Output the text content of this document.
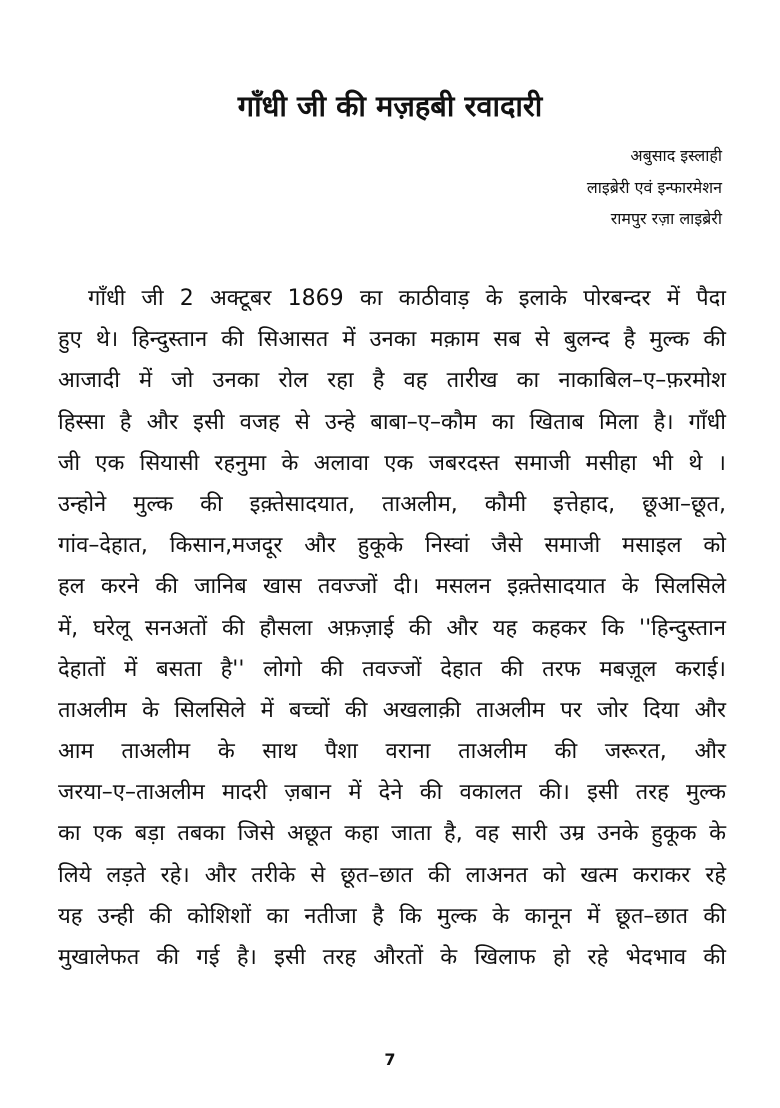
गाँधी जी की मज़हबी रवादारी
अबुसाद इस्लाही
लाइब्रेरी एवं इन्फारमेशन
रामपुर रज़ा लाइब्रेरी
गाँधी जी 2 अक्टूबर 1869 का काठीवाड़ के इलाके पोरबन्दर में पैदा
हुए थे। हिन्दुस्तान की सिआसत में उनका मक़ाम सब से बुलन्द है मुल्क की
आजादी में जो उनका रोल रहा है वह तारीख का नाकाबिल–ए–फ़रमोश
हिस्सा है और इसी वजह से उन्हे बाबा–ए–कौम का खिताब मिला है। गाँधी
जी एक सियासी रहनुमा के अलावा एक जबरदस्त समाजी मसीहा भी थे ।
उन्होने मुल्क की इक़्तेसादयात, ताअलीम, कौमी इत्तेहाद, छूआ–छूत,
गांव–देहात, किसान,मजदूर और हुकूके निस्वां जैसे समाजी मसाइल को
हल करने की जानिब खास तवज्जों दी। मसलन इक़्तेसादयात के सिलसिले
में, घरेलू सनअतों की हौसला अफ़ज़ाई की और यह कहकर कि ''हिन्दुस्तान
देहातों में बसता है'' लोगो की तवज्जों देहात की तरफ मबज़ूल कराई।
ताअलीम के सिलसिले में बच्चों की अखलाक़ी ताअलीम पर जोर दिया और
आम ताअलीम के साथ पैशा वराना ताअलीम की जरूरत, और
जरया–ए–ताअलीम मादरी ज़बान में देने की वकालत की। इसी तरह मुल्क
का एक बड़ा तबका जिसे अछूत कहा जाता है, वह सारी उम्र उनके हुकूक के
लिये लड़ते रहे। और तरीके से छूत–छात की लाअनत को खत्म कराकर रहे
यह उन्ही की कोशिशों का नतीजा है कि मुल्क के कानून में छूत–छात की
मुखालेफत की गई है। इसी तरह औरतों के खिलाफ हो रहे भेदभाव की
7
